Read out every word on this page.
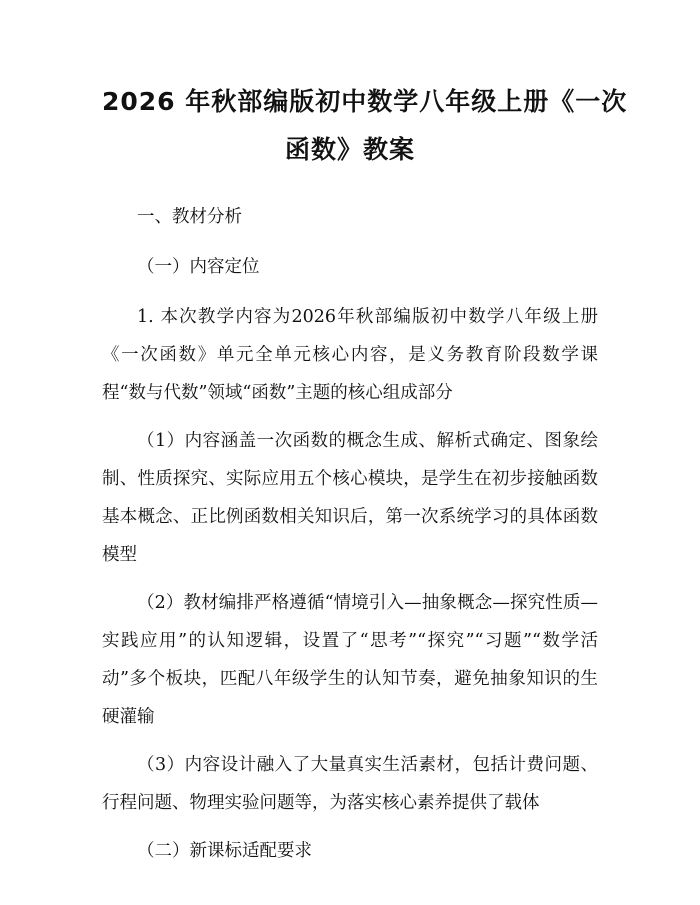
2026 年秋部编版初中数学八年级上册《一次
函数》教案

一、教材分析

（一）内容定位

1. 本次教学内容为2026年秋部编版初中数学八年级上册《一次函数》单元全单元核心内容，是义务教育阶段数学课程“数与代数”领域“函数”主题的核心组成部分

（1）内容涵盖一次函数的概念生成、解析式确定、图象绘制、性质探究、实际应用五个核心模块，是学生在初步接触函数基本概念、正比例函数相关知识后，第一次系统学习的具体函数模型

（2）教材编排严格遵循“情境引入—抽象概念—探究性质—实践应用”的认知逻辑，设置了“思考”“探究”“习题”“数学活动”多个板块，匹配八年级学生的认知节奏，避免抽象知识的生硬灌输

（3）内容设计融入了大量真实生活素材，包括计费问题、行程问题、物理实验问题等，为落实核心素养提供了载体

（二）新课标适配要求
